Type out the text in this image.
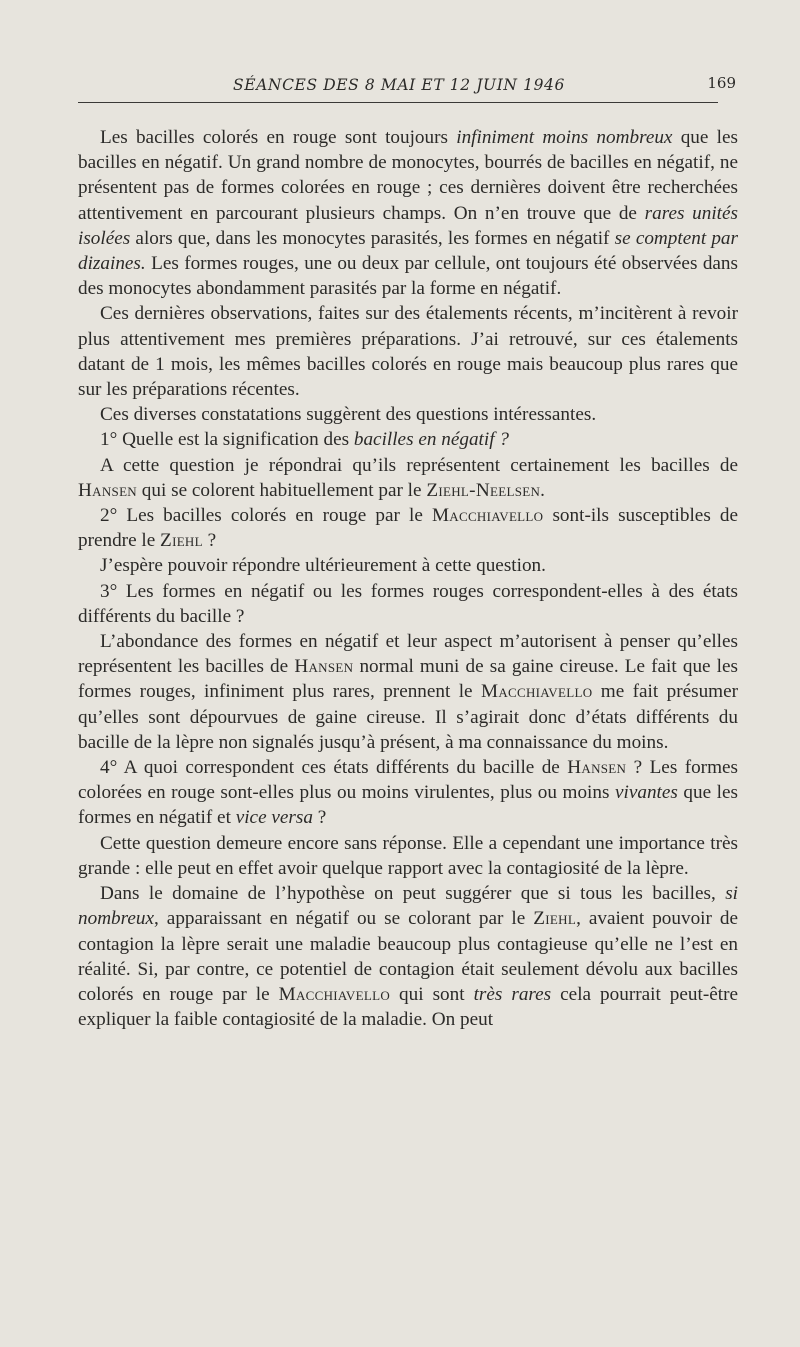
SÉANCES DES 8 MAI ET 12 JUIN 1946	169

Les bacilles colorés en rouge sont toujours infiniment moins nombreux que les bacilles en négatif. Un grand nombre de monocytes, bourrés de bacilles en négatif, ne présentent pas de formes colorées en rouge ; ces dernières doivent être recherchées attentivement en parcourant plusieurs champs. On n’en trouve que de rares unités isolées alors que, dans les monocytes parasités, les formes en négatif se comptent par dizaines. Les formes rouges, une ou deux par cellule, ont toujours été observées dans des monocytes abondamment parasités par la forme en négatif.

Ces dernières observations, faites sur des étalements récents, m’incitèrent à revoir plus attentivement mes premières préparations. J’ai retrouvé, sur ces étalements datant de 1 mois, les mêmes bacilles colorés en rouge mais beaucoup plus rares que sur les préparations récentes.

Ces diverses constatations suggèrent des questions intéressantes.

1° Quelle est la signification des bacilles en négatif ?

A cette question je répondrai qu’ils représentent certainement les bacilles de Hansen qui se colorent habituellement par le Ziehl-Neelsen.

2° Les bacilles colorés en rouge par le Macchiavello sont-ils susceptibles de prendre le Ziehl ?

J’espère pouvoir répondre ultérieurement à cette question.

3° Les formes en négatif ou les formes rouges correspondent-elles à des états différents du bacille ?

L’abondance des formes en négatif et leur aspect m’autorisent à penser qu’elles représentent les bacilles de Hansen normal muni de sa gaine cireuse. Le fait que les formes rouges, infiniment plus rares, prennent le Macchiavello me fait présumer qu’elles sont dépourvues de gaine cireuse. Il s’agirait donc d’états différents du bacille de la lèpre non signalés jusqu’à présent, à ma connaissance du moins.

4° A quoi correspondent ces états différents du bacille de Hansen ? Les formes colorées en rouge sont-elles plus ou moins virulentes, plus ou moins vivantes que les formes en négatif et vice versa ?

Cette question demeure encore sans réponse. Elle a cependant une importance très grande : elle peut en effet avoir quelque rapport avec la contagiosité de la lèpre.

Dans le domaine de l’hypothèse on peut suggérer que si tous les bacilles, si nombreux, apparaissant en négatif ou se colorant par le Ziehl, avaient pouvoir de contagion la lèpre serait une maladie beaucoup plus contagieuse qu’elle ne l’est en réalité. Si, par contre, ce potentiel de contagion était seulement dévolu aux bacilles colorés en rouge par le Macchiavello qui sont très rares cela pourrait peut-être expliquer la faible contagiosité de la maladie. On peut
